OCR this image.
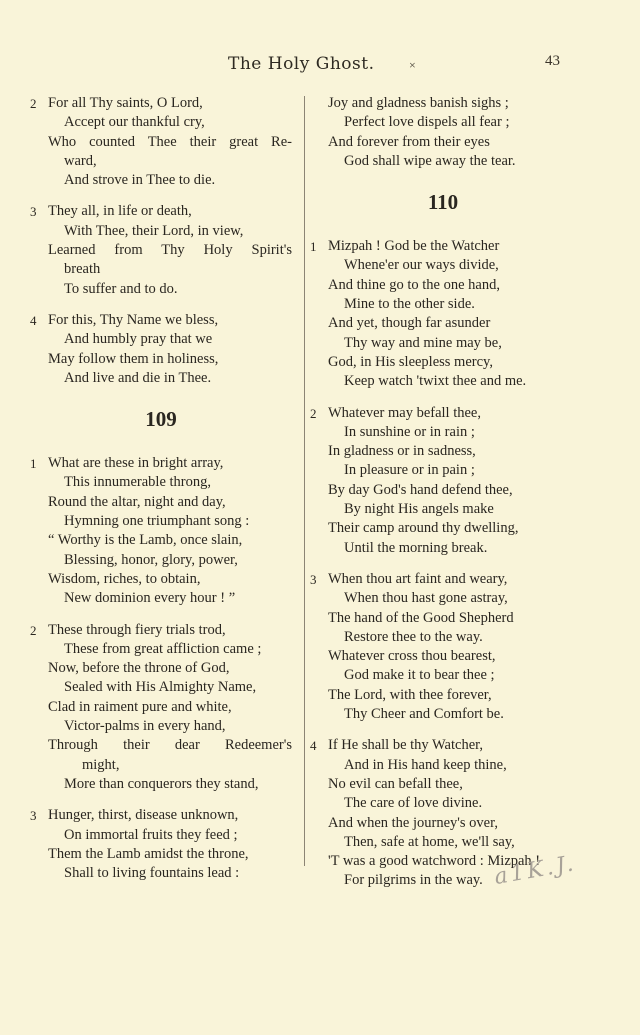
The Holy Ghost.	×	43
2 For all Thy saints, O Lord,
Accept our thankful cry,
Who counted Thee their great Re-
ward,
And strove in Thee to die.
3 They all, in life or death,
With Thee, their Lord, in view,
Learned from Thy Holy Spirit's
breath
To suffer and to do.
4 For this, Thy Name we bless,
And humbly pray that we
May follow them in holiness,
And live and die in Thee.
109
1 What are these in bright array,
This innumerable throng,
Round the altar, night and day,
Hymning one triumphant song :
“ Worthy is the Lamb, once slain,
Blessing, honor, glory, power,
Wisdom, riches, to obtain,
New dominion every hour ! ”
2 These through fiery trials trod,
These from great affliction came ;
Now, before the throne of God,
Sealed with His Almighty Name,
Clad in raiment pure and white,
Victor-palms in every hand,
Through their dear Redeemer's
might,
More than conquerors they stand,
3 Hunger, thirst, disease unknown,
On immortal fruits they feed ;
Them the Lamb amidst the throne,
Shall to living fountains lead :
Joy and gladness banish sighs ;
Perfect love dispels all fear ;
And forever from their eyes
God shall wipe away the tear.
110
1 Mizpah ! God be the Watcher
Whene'er our ways divide,
And thine go to the one hand,
Mine to the other side.
And yet, though far asunder
Thy way and mine may be,
God, in His sleepless mercy,
Keep watch 'twixt thee and me.
2 Whatever may befall thee,
In sunshine or in rain ;
In gladness or in sadness,
In pleasure or in pain ;
By day God's hand defend thee,
By night His angels make
Their camp around thy dwelling,
Until the morning break.
3 When thou art faint and weary,
When thou hast gone astray,
The hand of the Good Shepherd
Restore thee to the way.
Whatever cross thou bearest,
God make it to bear thee ;
The Lord, with thee forever,
Thy Cheer and Comfort be.
4 If He shall be thy Watcher,
And in His hand keep thine,
No evil can befall thee,
The care of love divine.
And when the journey's over,
Then, safe at home, we'll say,
'T was a good watchword : Mizpah !
For pilgrims in the way. a1K.J.
